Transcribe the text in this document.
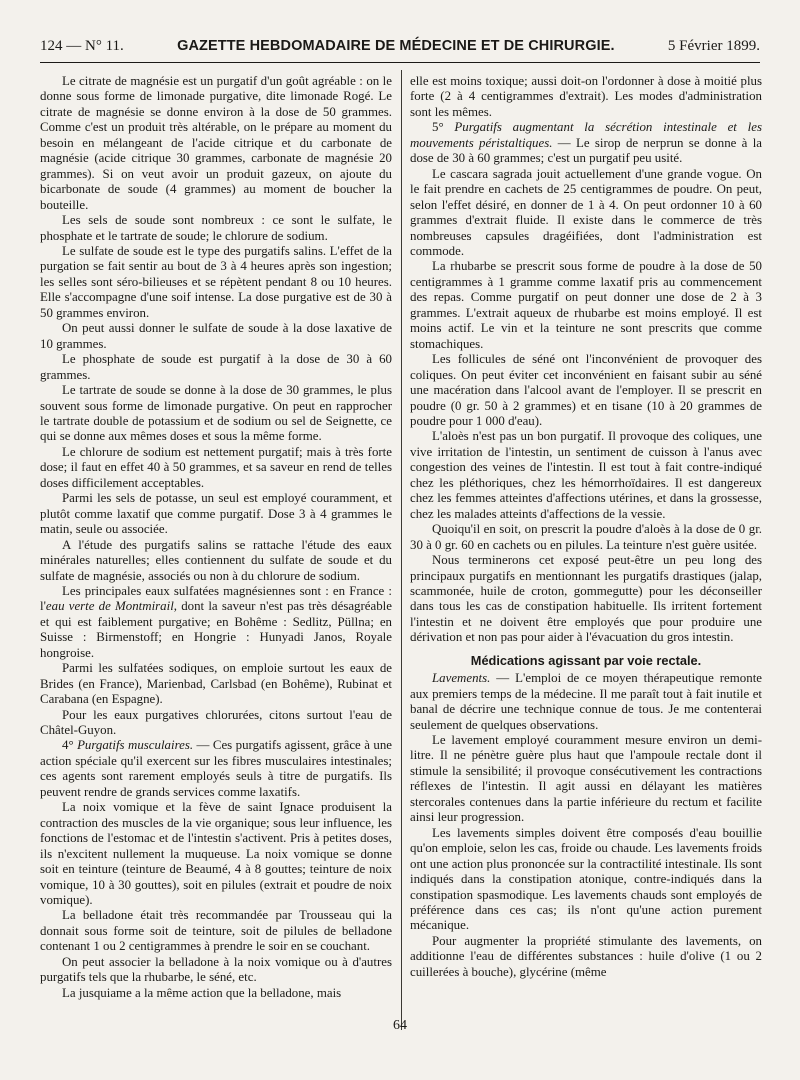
124 — N° 11.	GAZETTE HEBDOMADAIRE DE MÉDECINE ET DE CHIRURGIE.	5 Février 1899.

Le citrate de magnésie est un purgatif d'un goût agréable : on le donne sous forme de limonade purgative, dite limonade Rogé. Le citrate de magnésie se donne environ à la dose de 50 grammes. Comme c'est un produit très altérable, on le prépare au moment du besoin en mélangeant de l'acide citrique et du carbonate de magnésie (acide citrique 30 grammes, carbonate de magnésie 20 grammes). Si on veut avoir un produit gazeux, on ajoute du bicarbonate de soude (4 grammes) au moment de boucher la bouteille.

Les sels de soude sont nombreux : ce sont le sulfate, le phosphate et le tartrate de soude; le chlorure de sodium.

Le sulfate de soude est le type des purgatifs salins. L'effet de la purgation se fait sentir au bout de 3 à 4 heures après son ingestion; les selles sont séro-bilieuses et se répètent pendant 8 ou 10 heures. Elle s'accompagne d'une soif intense. La dose purgative est de 30 à 50 grammes environ.

On peut aussi donner le sulfate de soude à la dose laxative de 10 grammes.

Le phosphate de soude est purgatif à la dose de 30 à 60 grammes.

Le tartrate de soude se donne à la dose de 30 grammes, le plus souvent sous forme de limonade purgative. On peut en rapprocher le tartrate double de potassium et de sodium ou sel de Seignette, ce qui se donne aux mêmes doses et sous la même forme.

Le chlorure de sodium est nettement purgatif; mais à très forte dose; il faut en effet 40 à 50 grammes, et sa saveur en rend de telles doses difficilement acceptables.

Parmi les sels de potasse, un seul est employé couramment, et plutôt comme laxatif que comme purgatif. Dose 3 à 4 grammes le matin, seule ou associée.

A l'étude des purgatifs salins se rattache l'étude des eaux minérales naturelles; elles contiennent du sulfate de soude et du sulfate de magnésie, associés ou non à du chlorure de sodium.

Les principales eaux sulfatées magnésiennes sont : en France : l'eau verte de Montmirail, dont la saveur n'est pas très désagréable et qui est faiblement purgative; en Bohême : Sedlitz, Püllna; en Suisse : Birmenstoff; en Hongrie : Hunyadi Janos, Royale hongroise.

Parmi les sulfatées sodiques, on emploie surtout les eaux de Brides (en France), Marienbad, Carlsbad (en Bohême), Rubinat et Carabana (en Espagne).

Pour les eaux purgatives chlorurées, citons surtout l'eau de Châtel-Guyon.

4° Purgatifs musculaires. — Ces purgatifs agissent, grâce à une action spéciale qu'il exercent sur les fibres musculaires intestinales; ces agents sont rarement employés seuls à titre de purgatifs. Ils peuvent rendre de grands services comme laxatifs.

La noix vomique et la fève de saint Ignace produisent la contraction des muscles de la vie organique; sous leur influence, les fonctions de l'estomac et de l'intestin s'activent. Pris à petites doses, ils n'excitent nullement la muqueuse. La noix vomique se donne soit en teinture (teinture de Beaumé, 4 à 8 gouttes; teinture de noix vomique, 10 à 30 gouttes), soit en pilules (extrait et poudre de noix vomique).

La belladone était très recommandée par Trousseau qui la donnait sous forme soit de teinture, soit de pilules de belladone contenant 1 ou 2 centigrammes à prendre le soir en se couchant.

On peut associer la belladone à la noix vomique ou à d'autres purgatifs tels que la rhubarbe, le séné, etc.

La jusquiame a la même action que la belladone, mais

elle est moins toxique; aussi doit-on l'ordonner à dose à moitié plus forte (2 à 4 centigrammes d'extrait). Les modes d'administration sont les mêmes.

5° Purgatifs augmentant la sécrétion intestinale et les mouvements péristaltiques. — Le sirop de nerprun se donne à la dose de 30 à 60 grammes; c'est un purgatif peu usité.

Le cascara sagrada jouit actuellement d'une grande vogue. On le fait prendre en cachets de 25 centigrammes de poudre. On peut, selon l'effet désiré, en donner de 1 à 4. On peut ordonner 10 à 60 grammes d'extrait fluide. Il existe dans le commerce de très nombreuses capsules dragéifiées, dont l'administration est commode.

La rhubarbe se prescrit sous forme de poudre à la dose de 50 centigrammes à 1 gramme comme laxatif pris au commencement des repas. Comme purgatif on peut donner une dose de 2 à 3 grammes. L'extrait aqueux de rhubarbe est moins employé. Il est moins actif. Le vin et la teinture ne sont prescrits que comme stomachiques.

Les follicules de séné ont l'inconvénient de provoquer des coliques. On peut éviter cet inconvénient en faisant subir au séné une macération dans l'alcool avant de l'employer. Il se prescrit en poudre (0 gr. 50 à 2 grammes) et en tisane (10 à 20 grammes de poudre pour 1 000 d'eau).

L'aloès n'est pas un bon purgatif. Il provoque des coliques, une vive irritation de l'intestin, un sentiment de cuisson à l'anus avec congestion des veines de l'intestin. Il est tout à fait contre-indiqué chez les pléthoriques, chez les hémorrhoïdaires. Il est dangereux chez les femmes atteintes d'affections utérines, et dans la grossesse, chez les malades atteints d'affections de la vessie.

Quoiqu'il en soit, on prescrit la poudre d'aloès à la dose de 0 gr. 30 à 0 gr. 60 en cachets ou en pilules. La teinture n'est guère usitée.

Nous terminerons cet exposé peut-être un peu long des principaux purgatifs en mentionnant les purgatifs drastiques (jalap, scammonée, huile de croton, gommegutte) pour les déconseiller dans tous les cas de constipation habituelle. Ils irritent fortement l'intestin et ne doivent être employés que pour produire une dérivation et non pas pour aider à l'évacuation du gros intestin.

Médications agissant par voie rectale.

Lavements. — L'emploi de ce moyen thérapeutique remonte aux premiers temps de la médecine. Il me paraît tout à fait inutile et banal de décrire une technique connue de tous. Je me contenterai seulement de quelques observations.

Le lavement employé couramment mesure environ un demi-litre. Il ne pénètre guère plus haut que l'ampoule rectale dont il stimule la sensibilité; il provoque consécutivement les contractions réflexes de l'intestin. Il agit aussi en délayant les matières stercorales contenues dans la partie inférieure du rectum et facilite ainsi leur progression.

Les lavements simples doivent être composés d'eau bouillie qu'on emploie, selon les cas, froide ou chaude. Les lavements froids ont une action plus prononcée sur la contractilité intestinale. Ils sont indiqués dans la constipation atonique, contre-indiqués dans la constipation spasmodique. Les lavements chauds sont employés de préférence dans ces cas; ils n'ont qu'une action purement mécanique.

Pour augmenter la propriété stimulante des lavements, on additionne l'eau de différentes substances : huile d'olive (1 ou 2 cuillerées à bouche), glycérine (même

64
